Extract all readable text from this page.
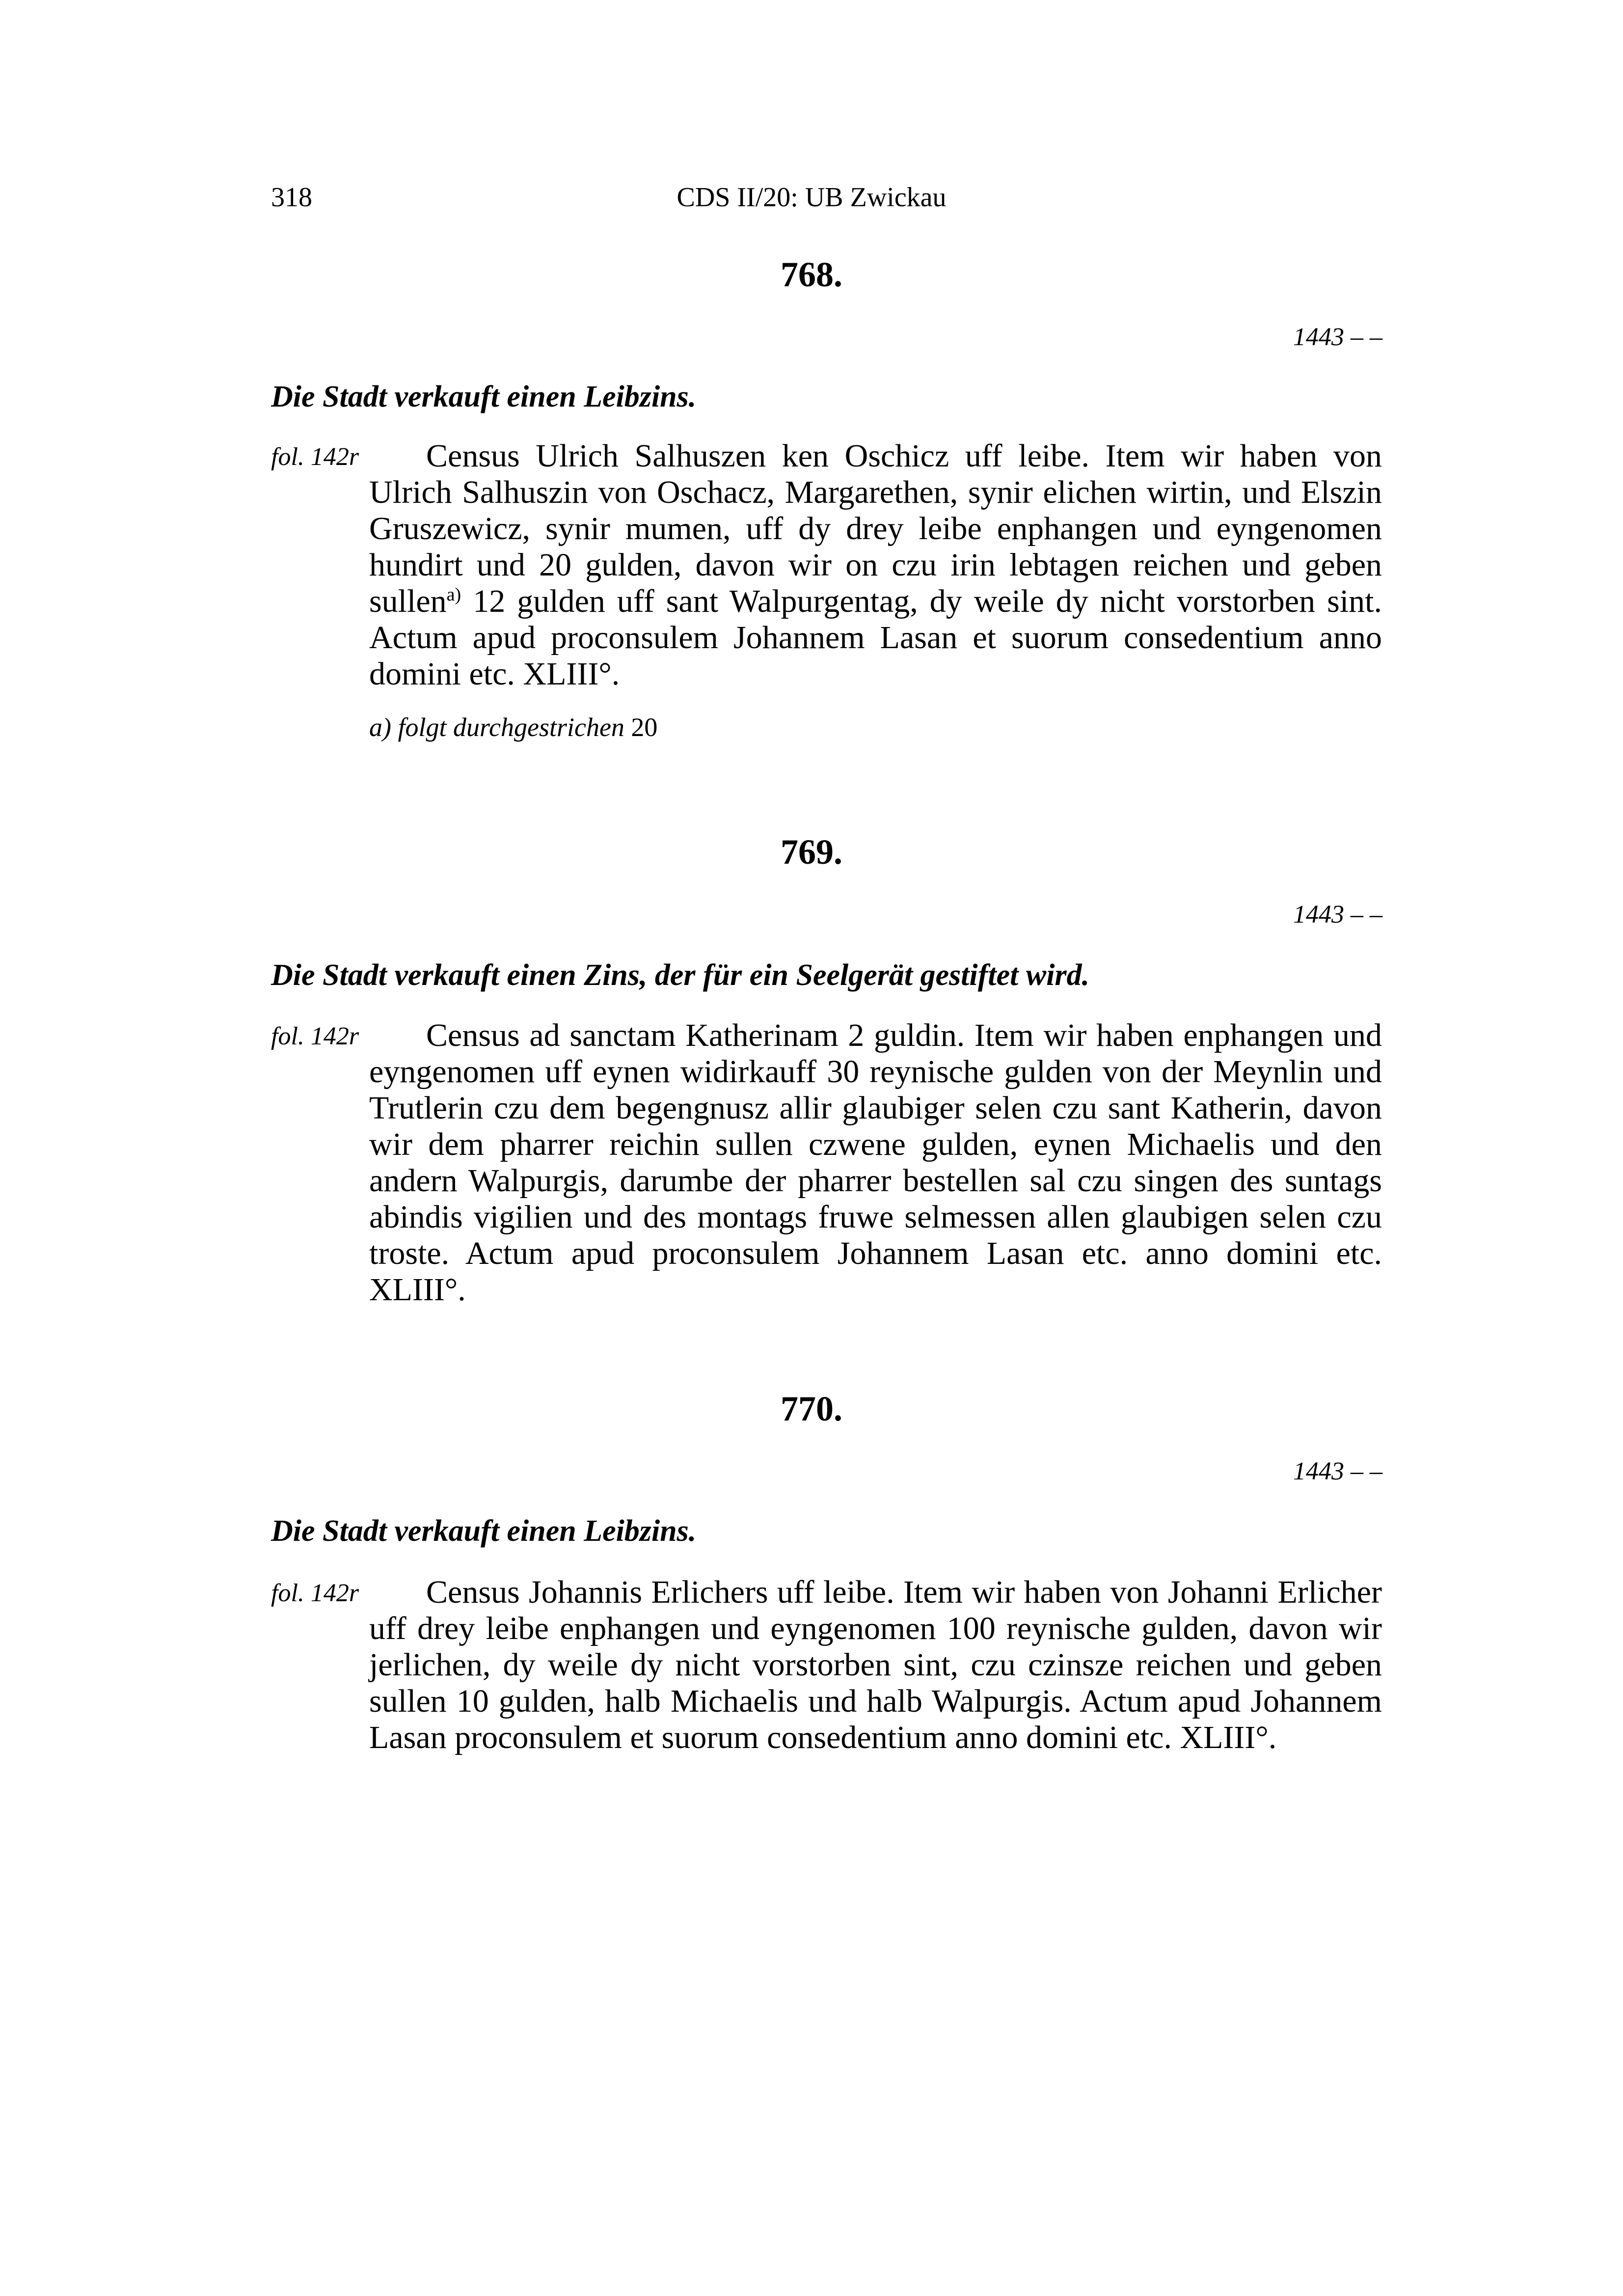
318	CDS II/20: UB Zwickau
768.
1443 – –
Die Stadt verkauft einen Leibzins.
fol. 142r	Census Ulrich Salhuszen ken Oschicz uff leibe. Item wir haben von Ulrich Salhuszin von Oschacz, Margarethen, synir elichen wirtin, und Elszin Gruszewicz, synir mumen, uff dy drey leibe enphangen und eyngenomen hundirt und 20 gulden, davon wir on czu irin lebtagen reichen und geben sullen$^{a)}$ 12 gulden uff sant Walpurgentag, dy weile dy nicht vorstorben sint. Actum apud proconsulem Johannem Lasan et suorum consedentium anno domini etc. XLIII°.
a) folgt durchgestrichen 20
769.
1443 – –
Die Stadt verkauft einen Zins, der für ein Seelgerät gestiftet wird.
fol. 142r	Census ad sanctam Katherinam 2 guldin. Item wir haben enphangen und eyngenomen uff eynen widirkauff 30 reynische gulden von der Meynlin und Trutlerin czu dem begengnusz allir glaubiger selen czu sant Katherin, davon wir dem pharrer reichin sullen czwene gulden, eynen Michaelis und den andern Walpurgis, darumbe der pharrer bestellen sal czu singen des suntags abindis vigilien und des montags fruwe selmessen allen glaubigen selen czu troste. Actum apud proconsulem Johannem Lasan etc. anno domini etc. XLIII°.
770.
1443 – –
Die Stadt verkauft einen Leibzins.
fol. 142r	Census Johannis Erlichers uff leibe. Item wir haben von Johanni Erlicher uff drey leibe enphangen und eyngenomen 100 reynische gulden, davon wir jerlichen, dy weile dy nicht vorstorben sint, czu czinsze reichen und geben sullen 10 gulden, halb Michaelis und halb Walpurgis. Actum apud Johannem Lasan proconsulem et suorum consedentium anno domini etc. XLIII°.
